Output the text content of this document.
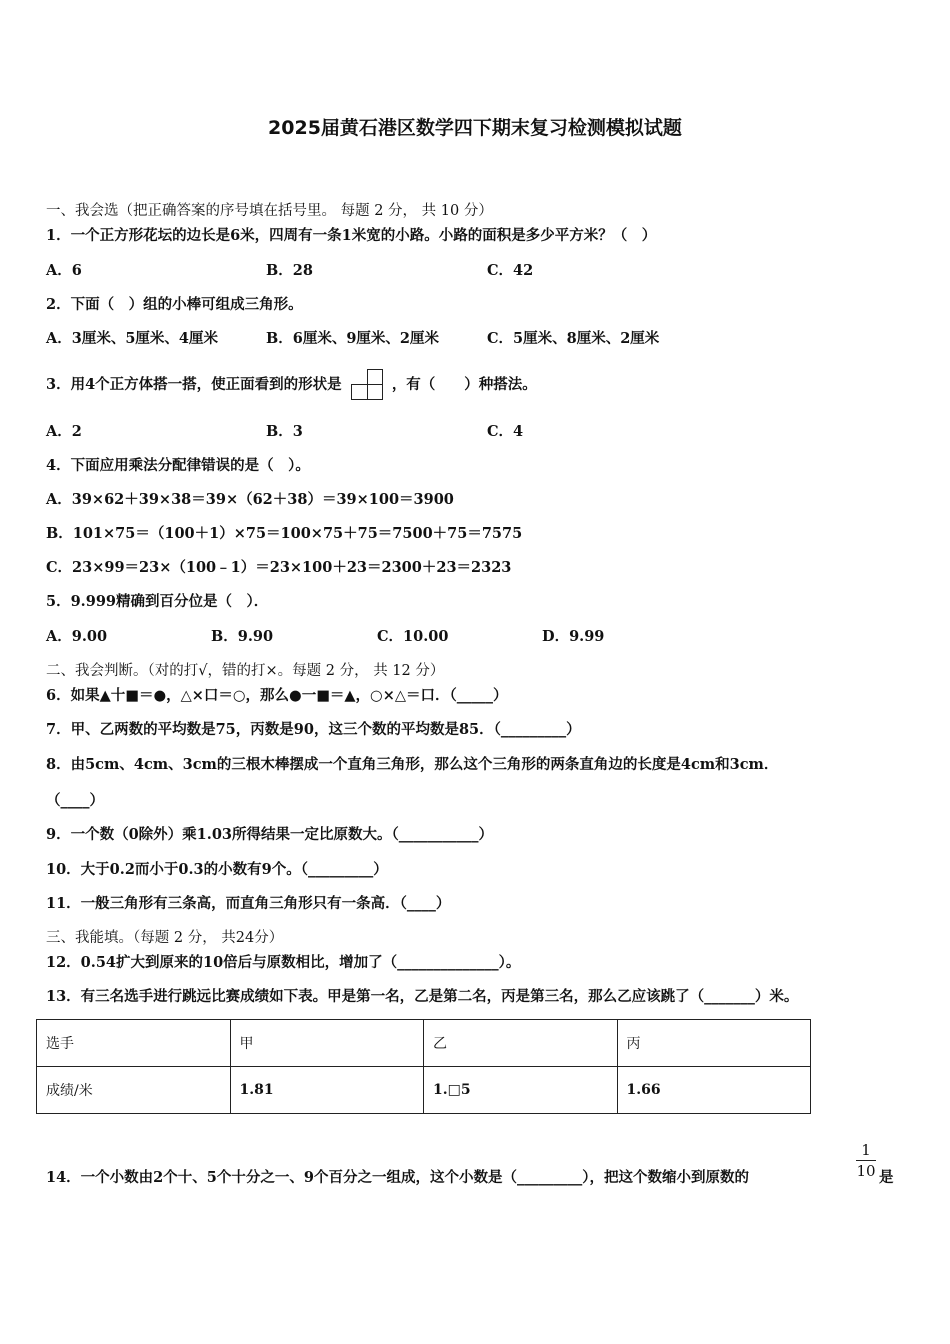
2025届黄石港区数学四下期末复习检测模拟试题
一、我会选（把正确答案的序号填在括号里。 每题 2 分， 共 10 分）
1．一个正方形花坛的边长是6米，四周有一条1米宽的小路。小路的面积是多少平方米？（　）
A．6	B．28	C．42
2．下面（　）组的小棒可组成三角形。
A．3厘米、5厘米、4厘米	B．6厘米、9厘米、2厘米	C．5厘米、8厘米、2厘米
3．用4个正方体搭一搭，使正面看到的形状是	，有（　　）种搭法。
A．2	B．3	C．4
4．下面应用乘法分配律错误的是（　）。
A．39×62＋39×38＝39×（62＋38）＝39×100＝3900
B．101×75＝（100＋1）×75＝100×75＋75＝7500＋75＝7575
C．23×99＝23×（100﹣1）＝23×100＋23＝2300＋23＝2323
5．9.999精确到百分位是（　）．
A．9.00	B．9.90	C．10.00	D．9.99
二、我会判断。（对的打√，错的打×。每题 2 分， 共 12 分）
6．如果▲十■＝●，△×口＝○，那么●一■＝▲，○×△＝口．（_____）
7．甲、乙两数的平均数是75，丙数是90，这三个数的平均数是85．（_________）
8．由5cm、4cm、3cm的三根木棒摆成一个直角三角形，那么这个三角形的两条直角边的长度是4cm和3cm．
（____）
9．一个数（0除外）乘1.03所得结果一定比原数大。（___________）
10．大于0.2而小于0.3的小数有9个。（_________）
11．一般三角形有三条高，而直角三角形只有一条高．（____）
三、我能填。（每题 2 分， 共24分）
12．0.54扩大到原来的10倍后与原数相比，增加了（______________）。
13．有三名选手进行跳远比赛成绩如下表。甲是第一名，乙是第二名，丙是第三名，那么乙应该跳了（_______）米。
选手	甲	乙	丙
成绩/米	1.81	1.□5	1.66
14．一个小数由2个十、5个十分之一、9个百分之一组成，这个小数是（_________），把这个数缩小到原数的
1
10 是
